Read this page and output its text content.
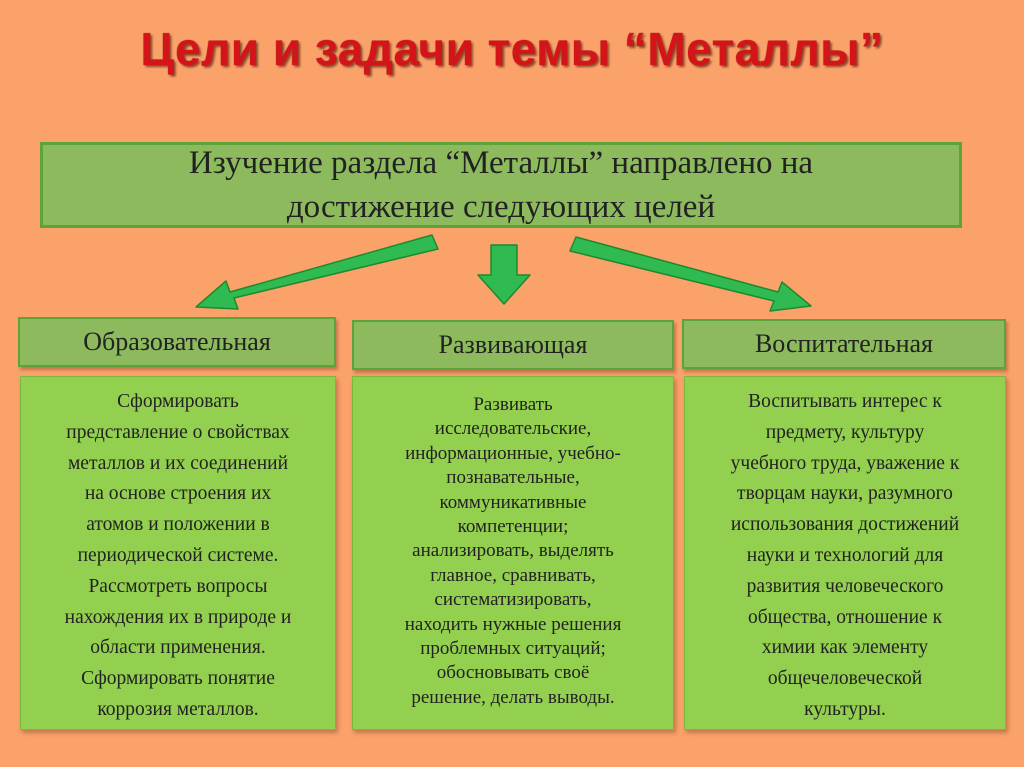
Цели и задачи темы “Металлы”
Изучение раздела “Металлы” направлено на
достижение следующих целей
Образовательная	Развивающая	Воспитательная

Сформировать
представление о свойствах
металлов и их соединений
на основе строения их
атомов и положении в
периодической системе.
Рассмотреть вопросы
нахождения их в природе и
области применения.
Сформировать понятие
коррозия металлов.

Развивать
исследовательские,
информационные, учебно-
познавательные,
коммуникативные
компетенции;
анализировать, выделять
главное, сравнивать,
систематизировать,
находить нужные решения
проблемных ситуаций;
обосновывать своё
решение, делать выводы.

Воспитывать интерес к
предмету, культуру
учебного труда, уважение к
творцам науки, разумного
использования достижений
науки и технологий для
развития человеческого
общества, отношение к
химии как элементу
общечеловеческой
культуры.
